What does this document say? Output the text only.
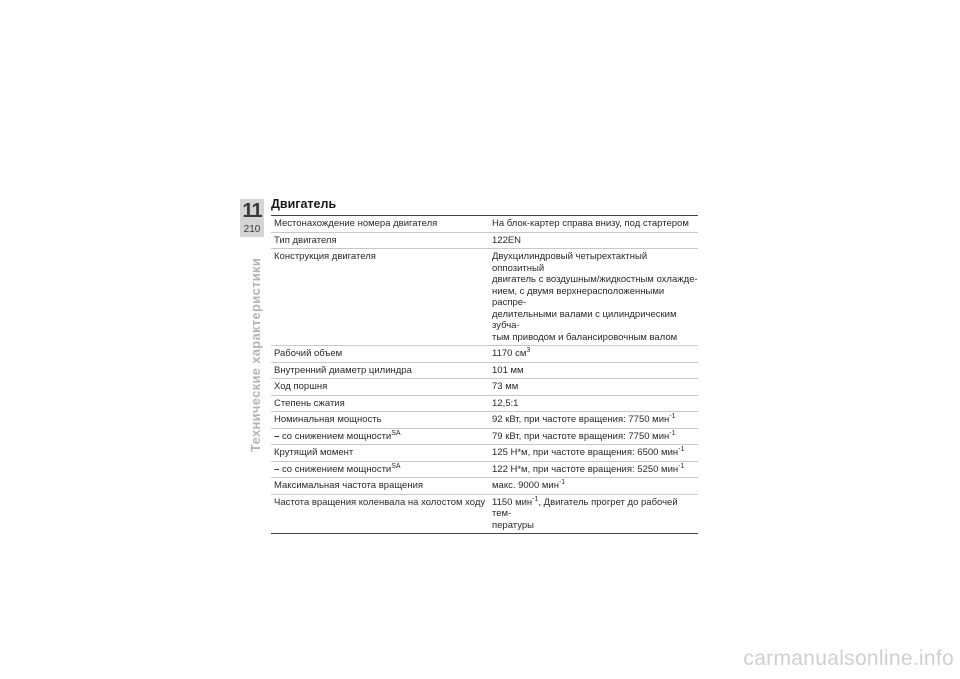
11
210
Технические характеристики
Двигатель
Местонахождение номера двигателя	На блок-картер справа внизу, под стартером
Тип двигателя	122EN
Конструкция двигателя	Двухцилиндровый четырехтактный оппозитный
двигатель с воздушным/жидкостным охлажде-
нием, с двумя верхнерасположенными распре-
делительными валами с цилиндрическим зубча-
тым приводом и балансировочным валом

Рабочий объем	1170 $см^3$
Внутренний диаметр цилиндра	101 мм
Ход поршня	73 мм
Степень сжатия	12,5:1
Номинальная мощность	92 кВт, при частоте вращения: 7750 мин$^{-1}$
– со снижением мощности$^{SA}$	79 кВт, при частоте вращения: 7750 мин$^{-1}$
Крутящий момент	125 Н*м, при частоте вращения: 6500 мин$^{-1}$
– со снижением мощности$^{SA}$	122 Н*м, при частоте вращения: 5250 мин$^{-1}$
Максимальная частота вращения	макс. 9000 мин$^{-1}$
Частота вращения коленвала на холостом ходу	1150 мин$^{-1}$, Двигатель прогрет до рабочей тем-
пературы
carmanualsonline.info
